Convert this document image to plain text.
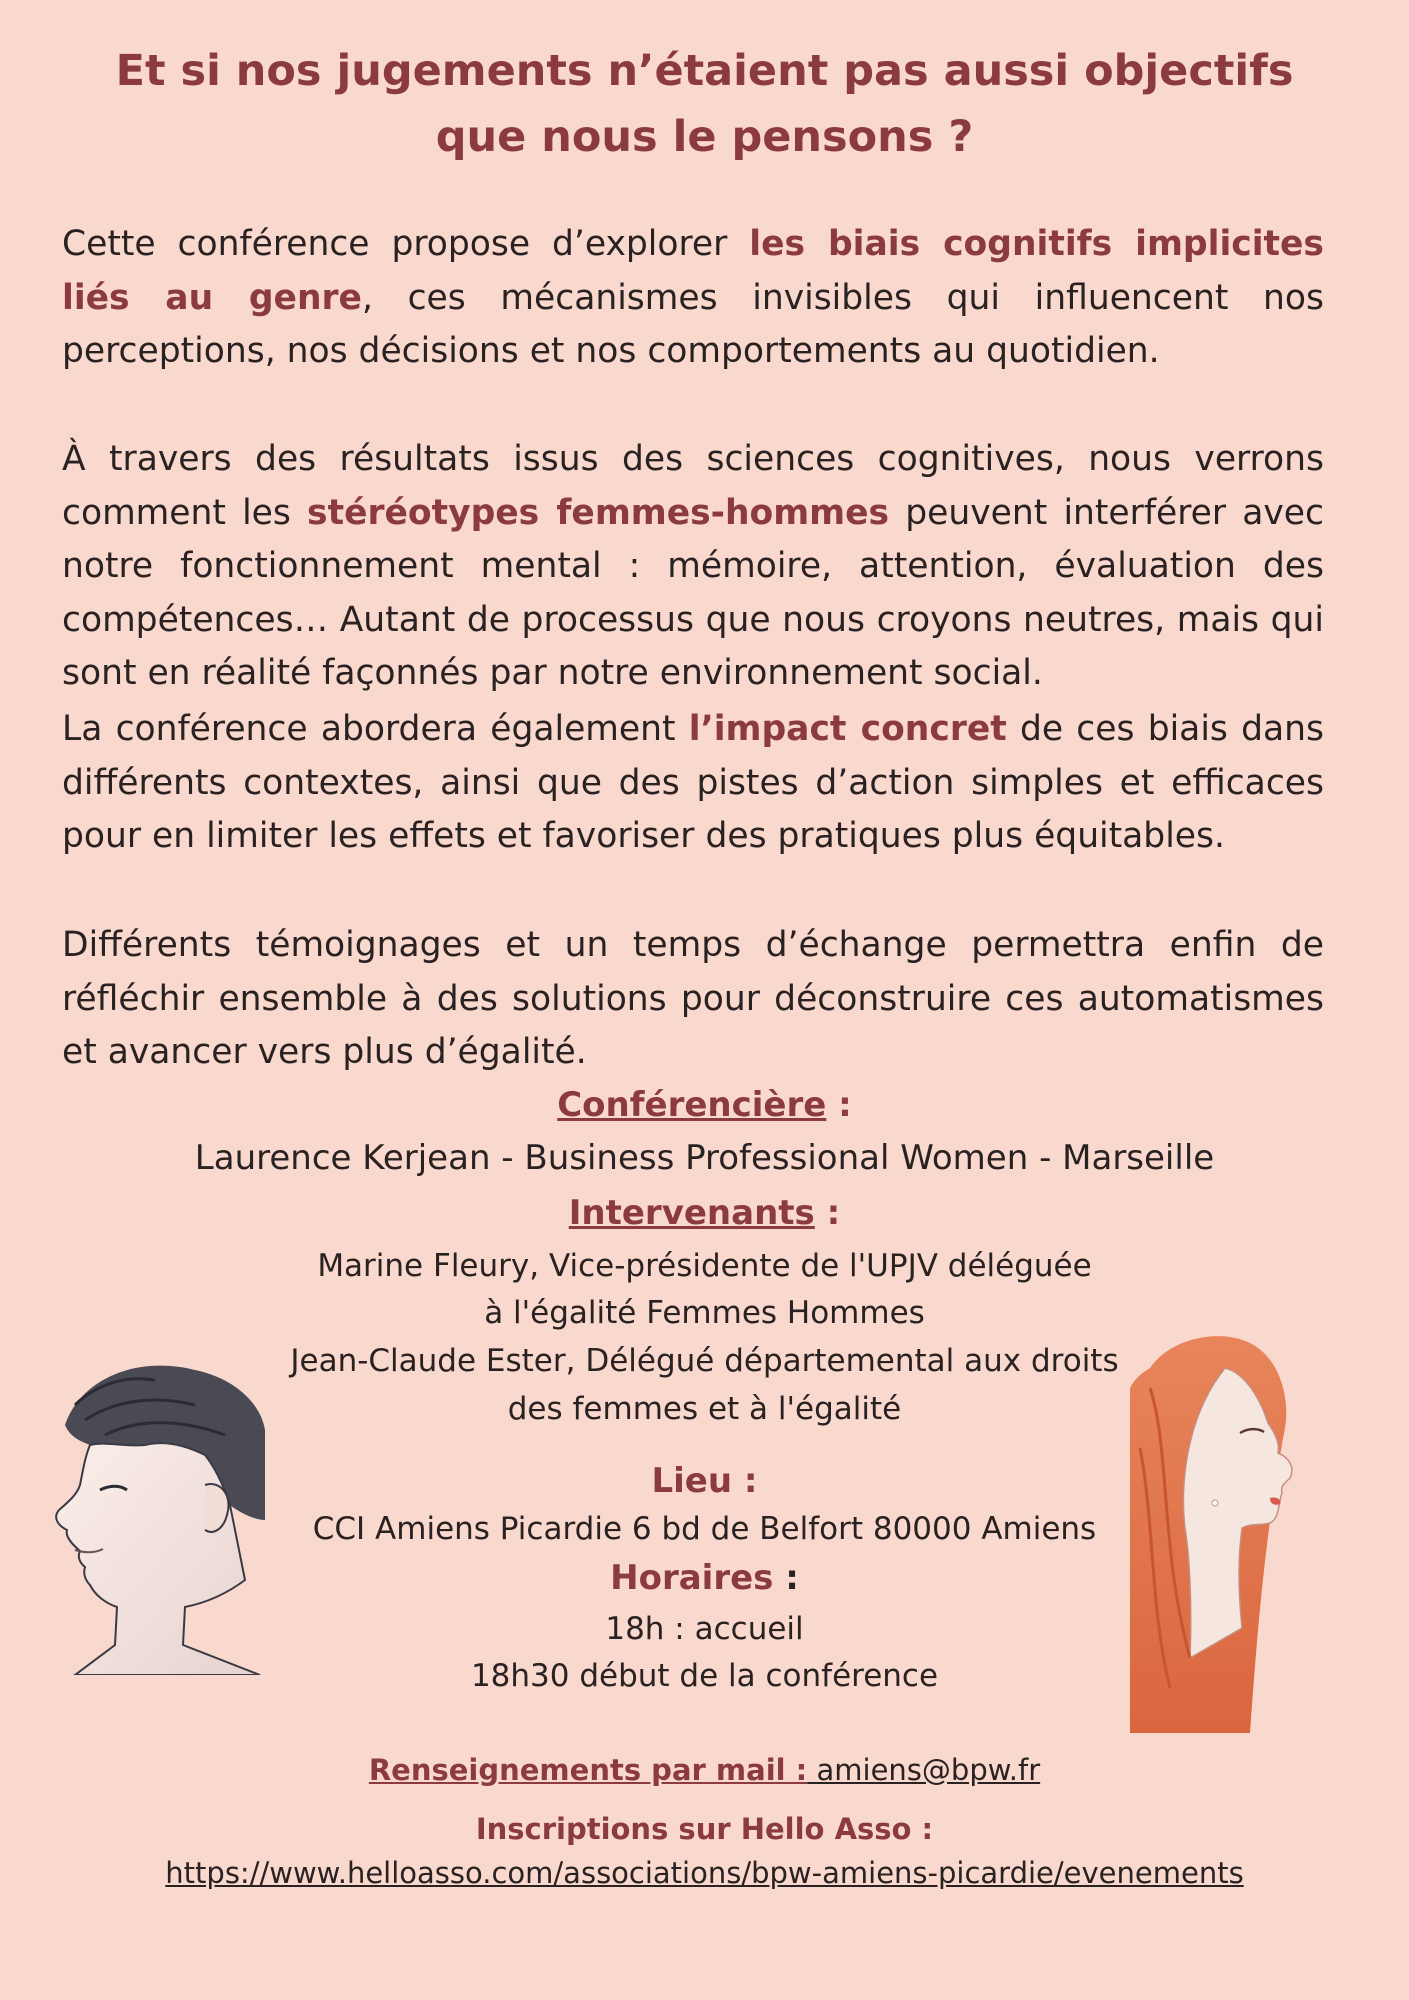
Et si nos jugements n’étaient pas aussi objectifs
que nous le pensons ?

Cette conférence propose d’explorer les biais cognitifs implicites liés au genre, ces mécanismes invisibles qui influencent nos perceptions, nos décisions et nos comportements au quotidien.

À travers des résultats issus des sciences cognitives, nous verrons comment les stéréotypes femmes-hommes peuvent interférer avec notre fonctionnement mental : mémoire, attention, évaluation des compétences… Autant de processus que nous croyons neutres, mais qui sont en réalité façonnés par notre environnement social.

La conférence abordera également l’impact concret de ces biais dans différents contextes, ainsi que des pistes d’action simples et efficaces pour en limiter les effets et favoriser des pratiques plus équitables.

Différents témoignages et un temps d’échange permettra enfin de réfléchir ensemble à des solutions pour déconstruire ces automatismes et avancer vers plus d’égalité.

Conférencière :

Laurence Kerjean - Business Professional Women - Marseille

Intervenants :

Marine Fleury, Vice-présidente de l'UPJV déléguée

à l'égalité Femmes Hommes

Jean-Claude Ester, Délégué départemental aux droits

des femmes et à l'égalité

Lieu :

CCI Amiens Picardie 6 bd de Belfort 80000 Amiens

Horaires :

18h : accueil

18h30 début de la conférence

Renseignements par mail : amiens@bpw.fr

Inscriptions sur Hello Asso :

https://www.helloasso.com/associations/bpw-amiens-picardie/evenements
